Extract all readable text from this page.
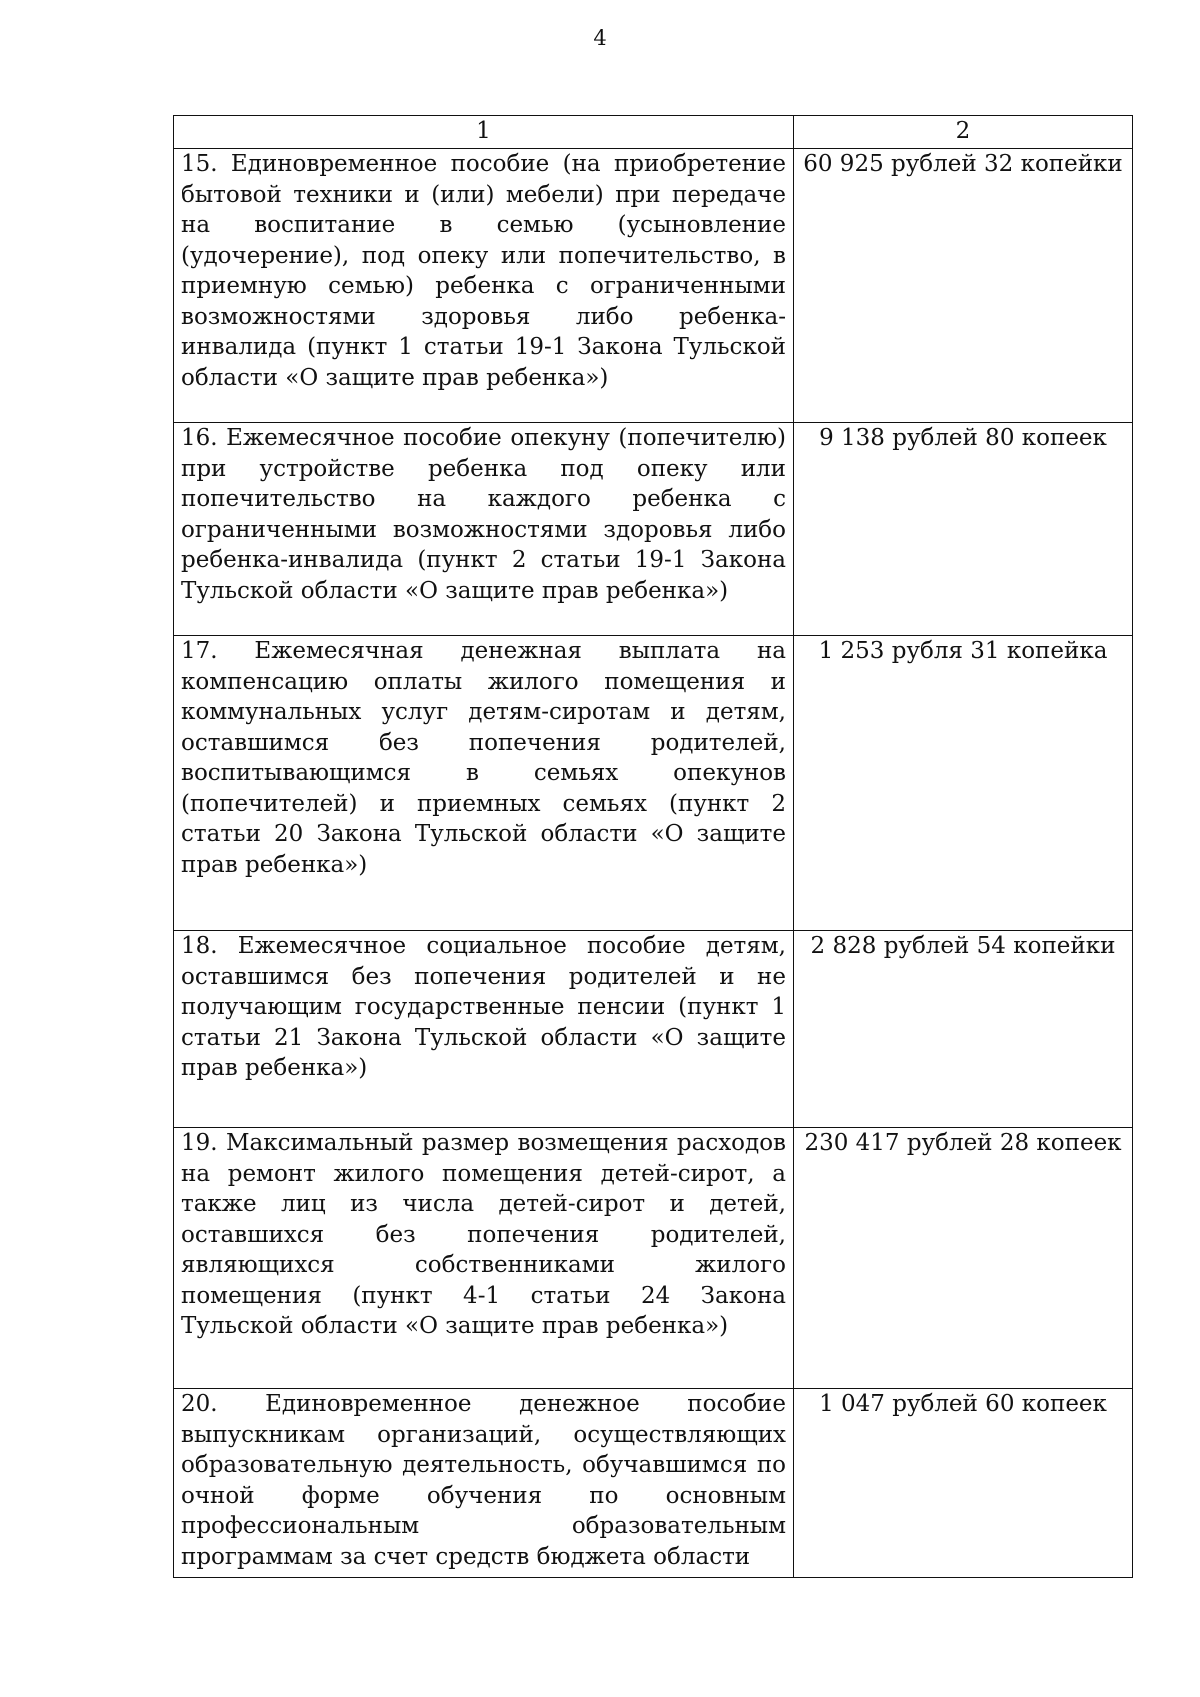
4
1	2
15. Единовременное пособие (на приобретение бытовой техники и (или) мебели) при передаче на воспитание в семью (усыновление (удочерение), под опеку или попечительство, в приемную семью) ребенка с ограниченными возможностями здоровья либо ребенка-инвалида (пункт 1 статьи 19-1 Закона Тульской области «О защите прав ребенка»)	60 925 рублей 32 копейки
16. Ежемесячное пособие опекуну (попечителю) при устройстве ребенка под опеку или попечительство на каждого ребенка с ограниченными возможностями здоровья либо ребенка-инвалида (пункт 2 статьи 19-1 Закона Тульской области «О защите прав ребенка»)	9 138 рублей 80 копеек
17. Ежемесячная денежная выплата на компенсацию оплаты жилого помещения и коммунальных услуг детям-сиротам и детям, оставшимся без попечения родителей, воспитывающимся в семьях опекунов (попечителей) и приемных семьях (пункт 2 статьи 20 Закона Тульской области «О защите прав ребенка»)	1 253 рубля 31 копейка
18. Ежемесячное социальное пособие детям, оставшимся без попечения родителей и не получающим государственные пенсии (пункт 1 статьи 21 Закона Тульской области «О защите прав ребенка»)	2 828 рублей 54 копейки
19. Максимальный размер возмещения расходов на ремонт жилого помещения детей-сирот, а также лиц из числа детей-сирот и детей, оставшихся без попечения родителей, являющихся собственниками жилого помещения (пункт 4-1 статьи 24 Закона Тульской области «О защите прав ребенка»)	230 417 рублей 28 копеек
20. Единовременное денежное пособие выпускникам организаций, осуществляющих образовательную деятельность, обучавшимся по очной форме обучения по основным профессиональным образовательным программам за счет средств бюджета области	1 047 рублей 60 копеек
